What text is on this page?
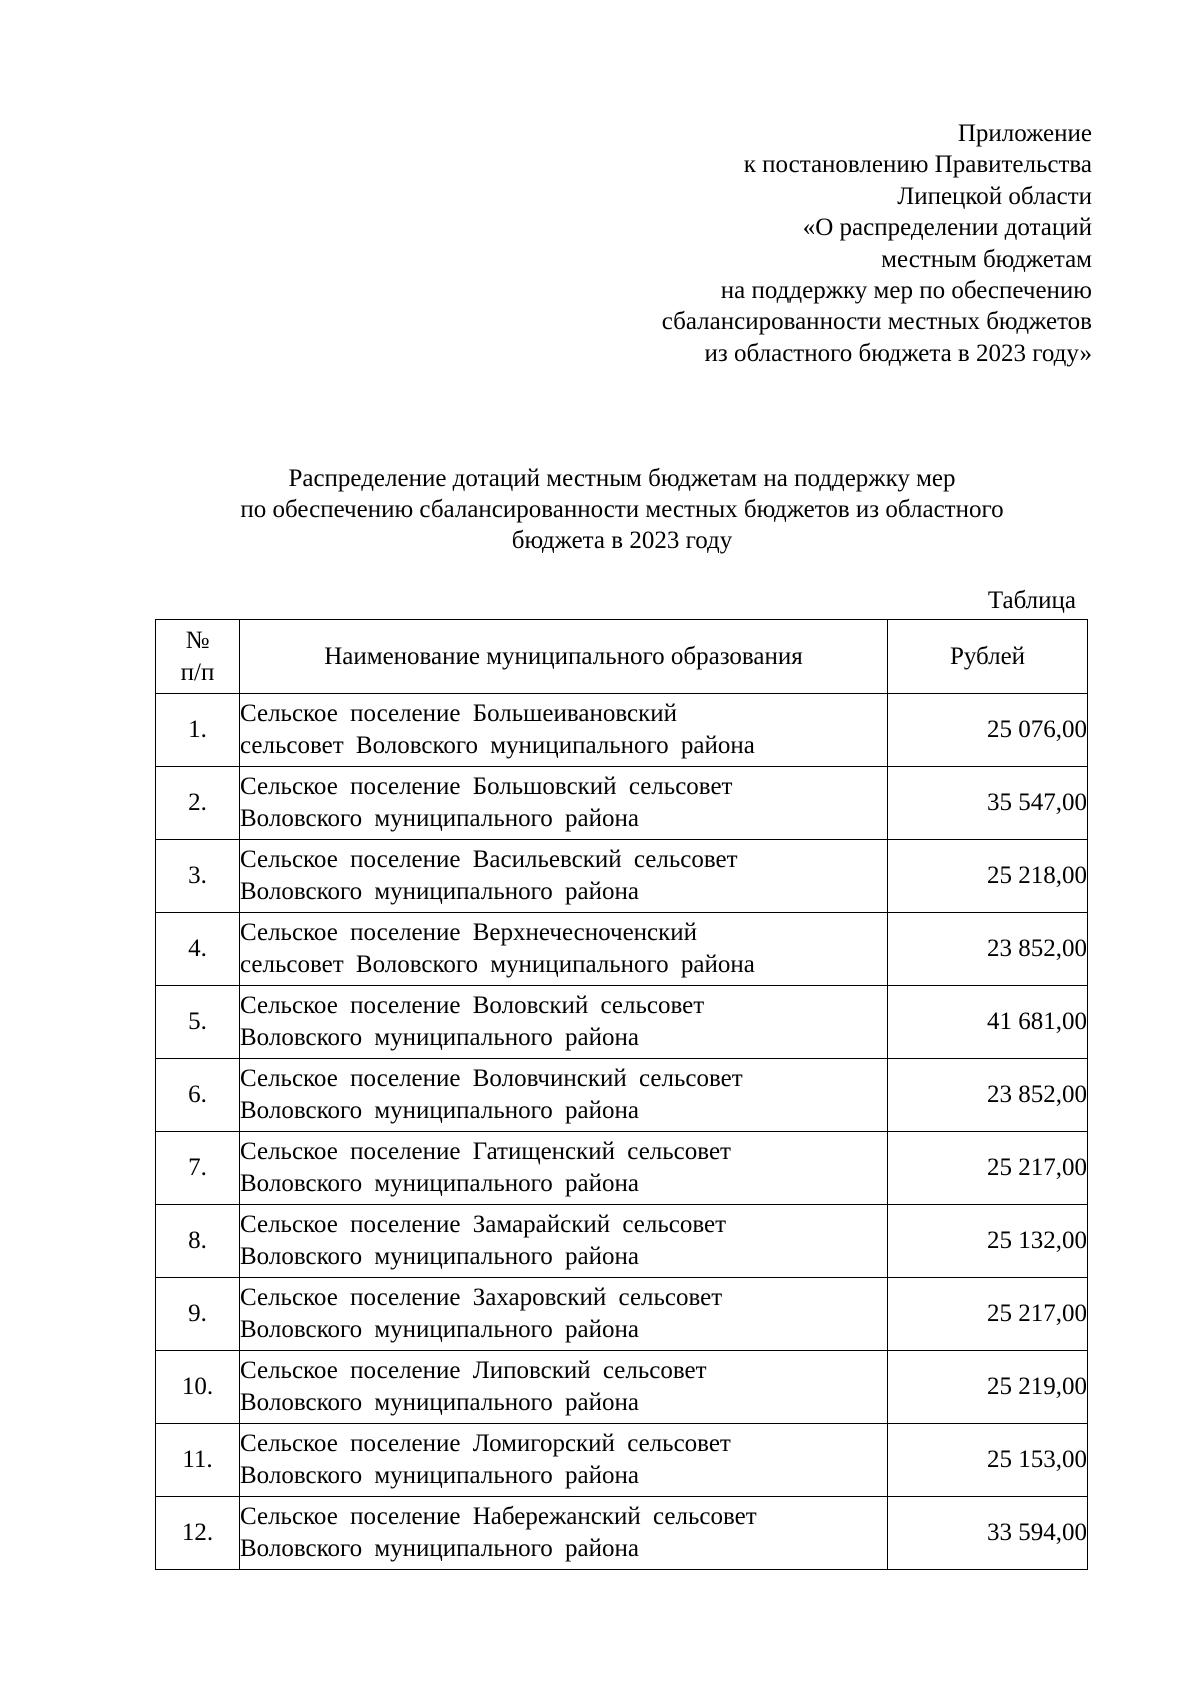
Приложение
к постановлению Правительства
Липецкой области
«О распределении дотаций
местным бюджетам
на поддержку мер по обеспечению
сбалансированности местных бюджетов
из областного бюджета в 2023 году»
Распределение дотаций местным бюджетам на поддержку мер
по обеспечению сбалансированности местных бюджетов из областного
бюджета в 2023 году
Таблица
№
п/п	Наименование муниципального образования	Рублей
1.	Сельское поселение Большеивановский
сельсовет Воловского муниципального района	25 076,00
2.	Сельское поселение Большовский сельсовет
Воловского муниципального района	35 547,00
3.	Сельское поселение Васильевский сельсовет
Воловского муниципального района	25 218,00
4.	Сельское поселение Верхнечесноченский
сельсовет Воловского муниципального района	23 852,00
5.	Сельское поселение Воловский сельсовет
Воловского муниципального района	41 681,00
6.	Сельское поселение Воловчинский сельсовет
Воловского муниципального района	23 852,00
7.	Сельское поселение Гатищенский сельсовет
Воловского муниципального района	25 217,00
8.	Сельское поселение Замарайский сельсовет
Воловского муниципального района	25 132,00
9.	Сельское поселение Захаровский сельсовет
Воловского муниципального района	25 217,00
10.	Сельское поселение Липовский сельсовет
Воловского муниципального района	25 219,00
11.	Сельское поселение Ломигорский сельсовет
Воловского муниципального района	25 153,00
12.	Сельское поселение Набережанский сельсовет
Воловского муниципального района	33 594,00
